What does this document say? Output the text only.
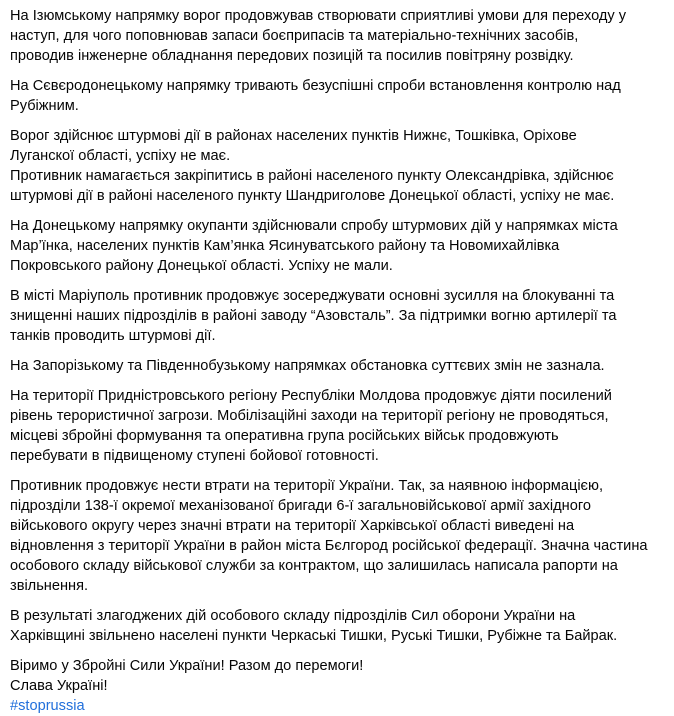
На Ізюмському напрямку ворог продовжував створювати сприятливі умови для переходу у
наступ, для чого поповнював запаси боєприпасів та матеріально-технічних засобів,
проводив інженерне обладнання передових позицій та посилив повітряну розвідку.
На Сєвєродонецькому напрямку тривають безуспішні спроби встановлення контролю над
Рубіжним.
Ворог здійснює штурмові дії в районах населених пунктів Нижнє, Тошківка, Оріхове
Луганскої області, успіху не має.
Противник намагається закріпитись в районі населеного пункту Олександрівка, здійснює
штурмові дії в районі населеного пункту Шандриголове Донецької області, успіху не має.
На Донецькому напрямку окупанти здійснювали спробу штурмових дій у напрямках міста
Мар’їнка, населених пунктів Кам’янка Ясинуватського району та Новомихайлівка
Покровського району Донецької області. Успіху не мали.
В місті Маріуполь противник продовжує зосереджувати основні зусилля на блокуванні та
знищенні наших підрозділів в районі заводу “Азовсталь”. За підтримки вогню артилерії та
танків проводить штурмові дії.
На Запорізькому та Південнобузькому напрямках обстановка суттєвих змін не зазнала.
На території Придністровського регіону Республіки Молдова продовжує діяти посилений
рівень терористичної загрози. Мобілізаційні заходи на території регіону не проводяться,
місцеві збройні формування та оперативна група російських військ продовжують
перебувати в підвищеному ступені бойової готовності.
Противник продовжує нести втрати на території України. Так, за наявною інформацією,
підрозділи 138-ї окремої механізованої бригади 6-ї загальновійськової армії західного
військового округу через значні втрати на території Харківської області виведені на
відновлення з території України в район міста Бєлгород російської федерації. Значна частина
особового складу військової служби за контрактом, що залишилась написала рапорти на
звільнення.
В результаті злагоджених дій особового складу підрозділів Сил оборони України на
Харківщині звільнено населені пункти Черкаські Тишки, Руські Тишки, Рубіжне та Байрак.
Віримо у Збройні Сили України! Разом до перемоги!
Слава Україні!
#stoprussia
